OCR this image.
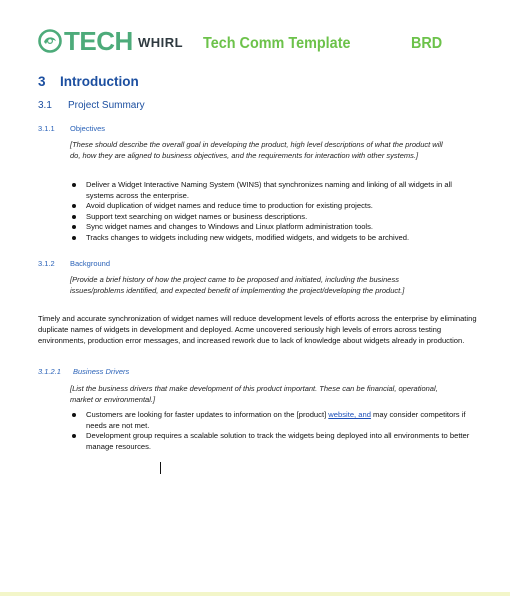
TECH WHIRL Tech Comm Template	BRD
3 Introduction
3.1 Project Summary
3.1.1 Objectives
[These should describe the overall goal in developing the product, high level descriptions of what the product will do, how they are aligned to business objectives, and the requirements for interaction with other systems.]
Deliver a Widget Interactive Naming System (WINS) that synchronizes naming and linking of all widgets in all systems across the enterprise.
Avoid duplication of widget names and reduce time to production for existing projects.
Support text searching on widget names or business descriptions.
Sync widget names and changes to Windows and Linux platform administration tools.
Tracks changes to widgets including new widgets, modified widgets, and widgets to be archived.
3.1.2 Background
[Provide a brief history of how the project came to be proposed and initiated, including the business issues/problems identified, and expected benefit of implementing the project/developing the product.]
Timely and accurate synchronization of widget names will reduce development levels of efforts across the enterprise by eliminating duplicate names of widgets in development and deployed. Acme uncovered seriously high levels of errors across testing environments, production error messages, and increased rework due to lack of knowledge about widgets already in production.
3.1.2.1 Business Drivers
[List the business drivers that make development of this product important. These can be financial, operational, market or environmental.]
Customers are looking for faster updates to information on the [product] website, and may consider competitors if needs are not met.
Development group requires a scalable solution to track the widgets being deployed into all environments to better manage resources.
